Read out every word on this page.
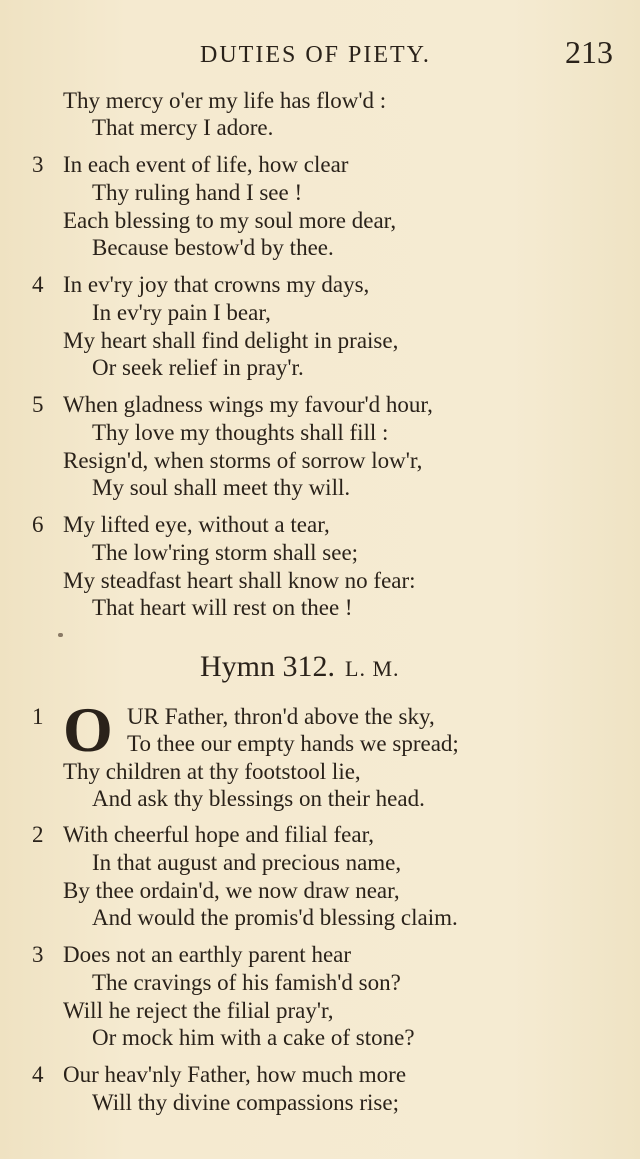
DUTIES OF PIETY.	213
Thy mercy o'er my life has flow'd :
That mercy I adore.
3 In each event of life, how clear
Thy ruling hand I see !
Each blessing to my soul more dear,
Because bestow'd by thee.
4 In ev'ry joy that crowns my days,
In ev'ry pain I bear,
My heart shall find delight in praise,
Or seek relief in pray'r.
5 When gladness wings my favour'd hour,
Thy love my thoughts shall fill :
Resign'd, when storms of sorrow low'r,
My soul shall meet thy will.
6 My lifted eye, without a tear,
The low'ring storm shall see;
My steadfast heart shall know no fear:
That heart will rest on thee !
Hymn 312. L. M.
1 O UR Father, thron'd above the sky,
To thee our empty hands we spread;
Thy children at thy footstool lie,
And ask thy blessings on their head.
2 With cheerful hope and filial fear,
In that august and precious name,
By thee ordain'd, we now draw near,
And would the promis'd blessing claim.
3 Does not an earthly parent hear
The cravings of his famish'd son?
Will he reject the filial pray'r,
Or mock him with a cake of stone?
4 Our heav'nly Father, how much more
Will thy divine compassions rise;
